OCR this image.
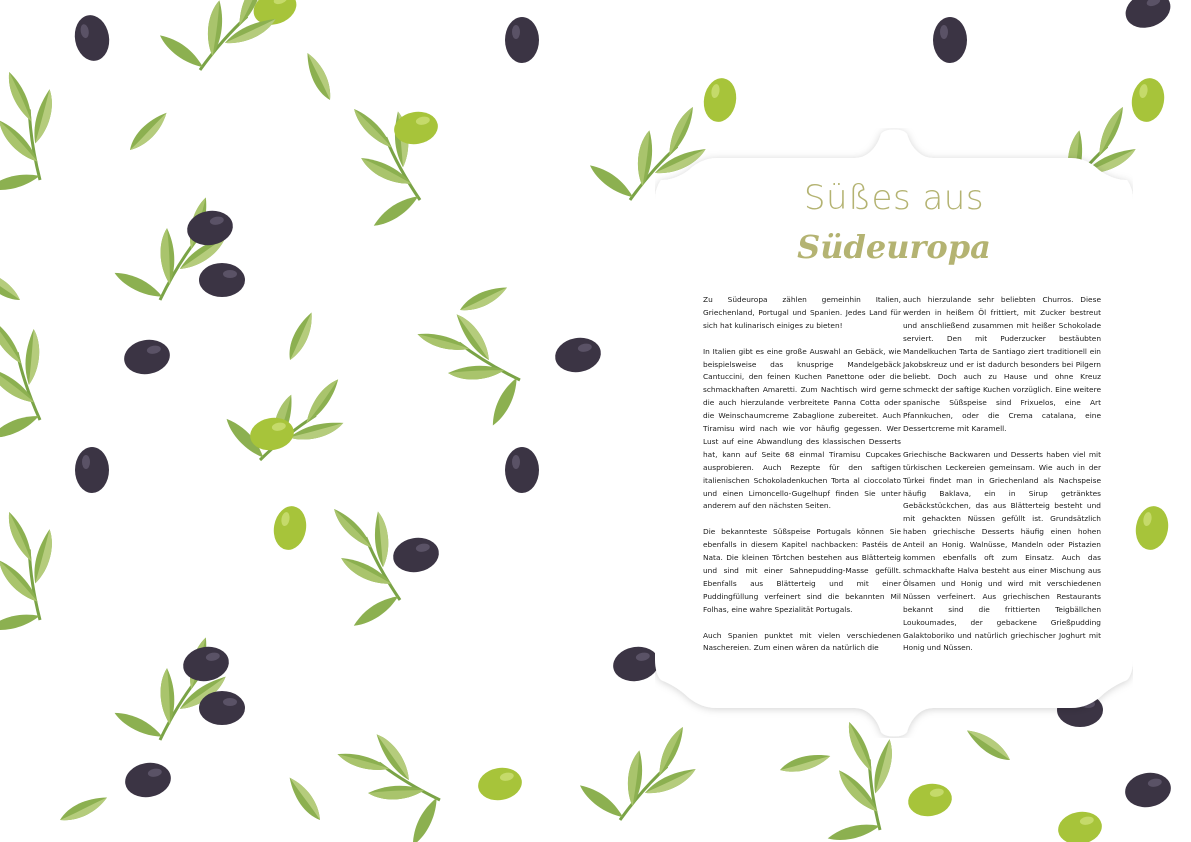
Süßes aus
Südeuropa

Zu Südeuropa zählen gemeinhin Italien, Griechenland, Portugal und Spanien. Jedes Land für sich hat kulinarisch einiges zu bieten!

In Italien gibt es eine große Auswahl an Gebäck, wie beispielsweise das knusprige Mandelgebäck Cantuccini, den feinen Kuchen Panettone oder die schmackhaften Amaretti. Zum Nachtisch wird gerne die auch hierzulande verbreitete Panna Cotta oder die Weinschaumcreme Zabaglione zubereitet. Auch Tiramisu wird nach wie vor häufig gegessen. Wer Lust auf eine Abwandlung des klassischen Desserts hat, kann auf Seite 68 einmal Tiramisu Cupcakes ausprobieren. Auch Rezepte für den saftigen italienischen Schokoladenkuchen Torta al cioccolato und einen Limoncello-Gugelhupf finden Sie unter anderem auf den nächsten Seiten.

Die bekannteste Süßspeise Portugals können Sie ebenfalls in diesem Kapitel nachbacken: Pastéis de Nata. Die kleinen Törtchen bestehen aus Blätterteig und sind mit einer Sahnepudding-Masse gefüllt. Ebenfalls aus Blätterteig und mit einer Puddingfüllung verfeinert sind die bekannten Mil Folhas, eine wahre Spezialität Portugals.

Auch Spanien punktet mit vielen verschiedenen Naschereien. Zum einen wären da natürlich die

auch hierzulande sehr beliebten Churros. Diese werden in heißem Öl frittiert, mit Zucker bestreut und anschließend zusammen mit heißer Schokolade serviert. Den mit Puderzucker bestäubten Mandelkuchen Tarta de Santiago ziert traditionell ein Jakobskreuz und er ist dadurch besonders bei Pilgern beliebt. Doch auch zu Hause und ohne Kreuz schmeckt der saftige Kuchen vorzüglich. Eine weitere spanische Süßspeise sind Frixuelos, eine Art Pfannkuchen, oder die Crema catalana, eine Dessertcreme mit Karamell.

Griechische Backwaren und Desserts haben viel mit türkischen Leckereien gemeinsam. Wie auch in der Türkei findet man in Griechenland als Nachspeise häufig Baklava, ein in Sirup getränktes Gebäckstückchen, das aus Blätterteig besteht und mit gehackten Nüssen gefüllt ist. Grundsätzlich haben griechische Desserts häufig einen hohen Anteil an Honig. Walnüsse, Mandeln oder Pistazien kommen ebenfalls oft zum Einsatz. Auch das schmackhafte Halva besteht aus einer Mischung aus Ölsamen und Honig und wird mit verschiedenen Nüssen verfeinert. Aus griechischen Restaurants bekannt sind die frittierten Teigbällchen Loukoumades, der gebackene Grießpudding Galaktoboriko und natürlich griechischer Joghurt mit Honig und Nüssen.
